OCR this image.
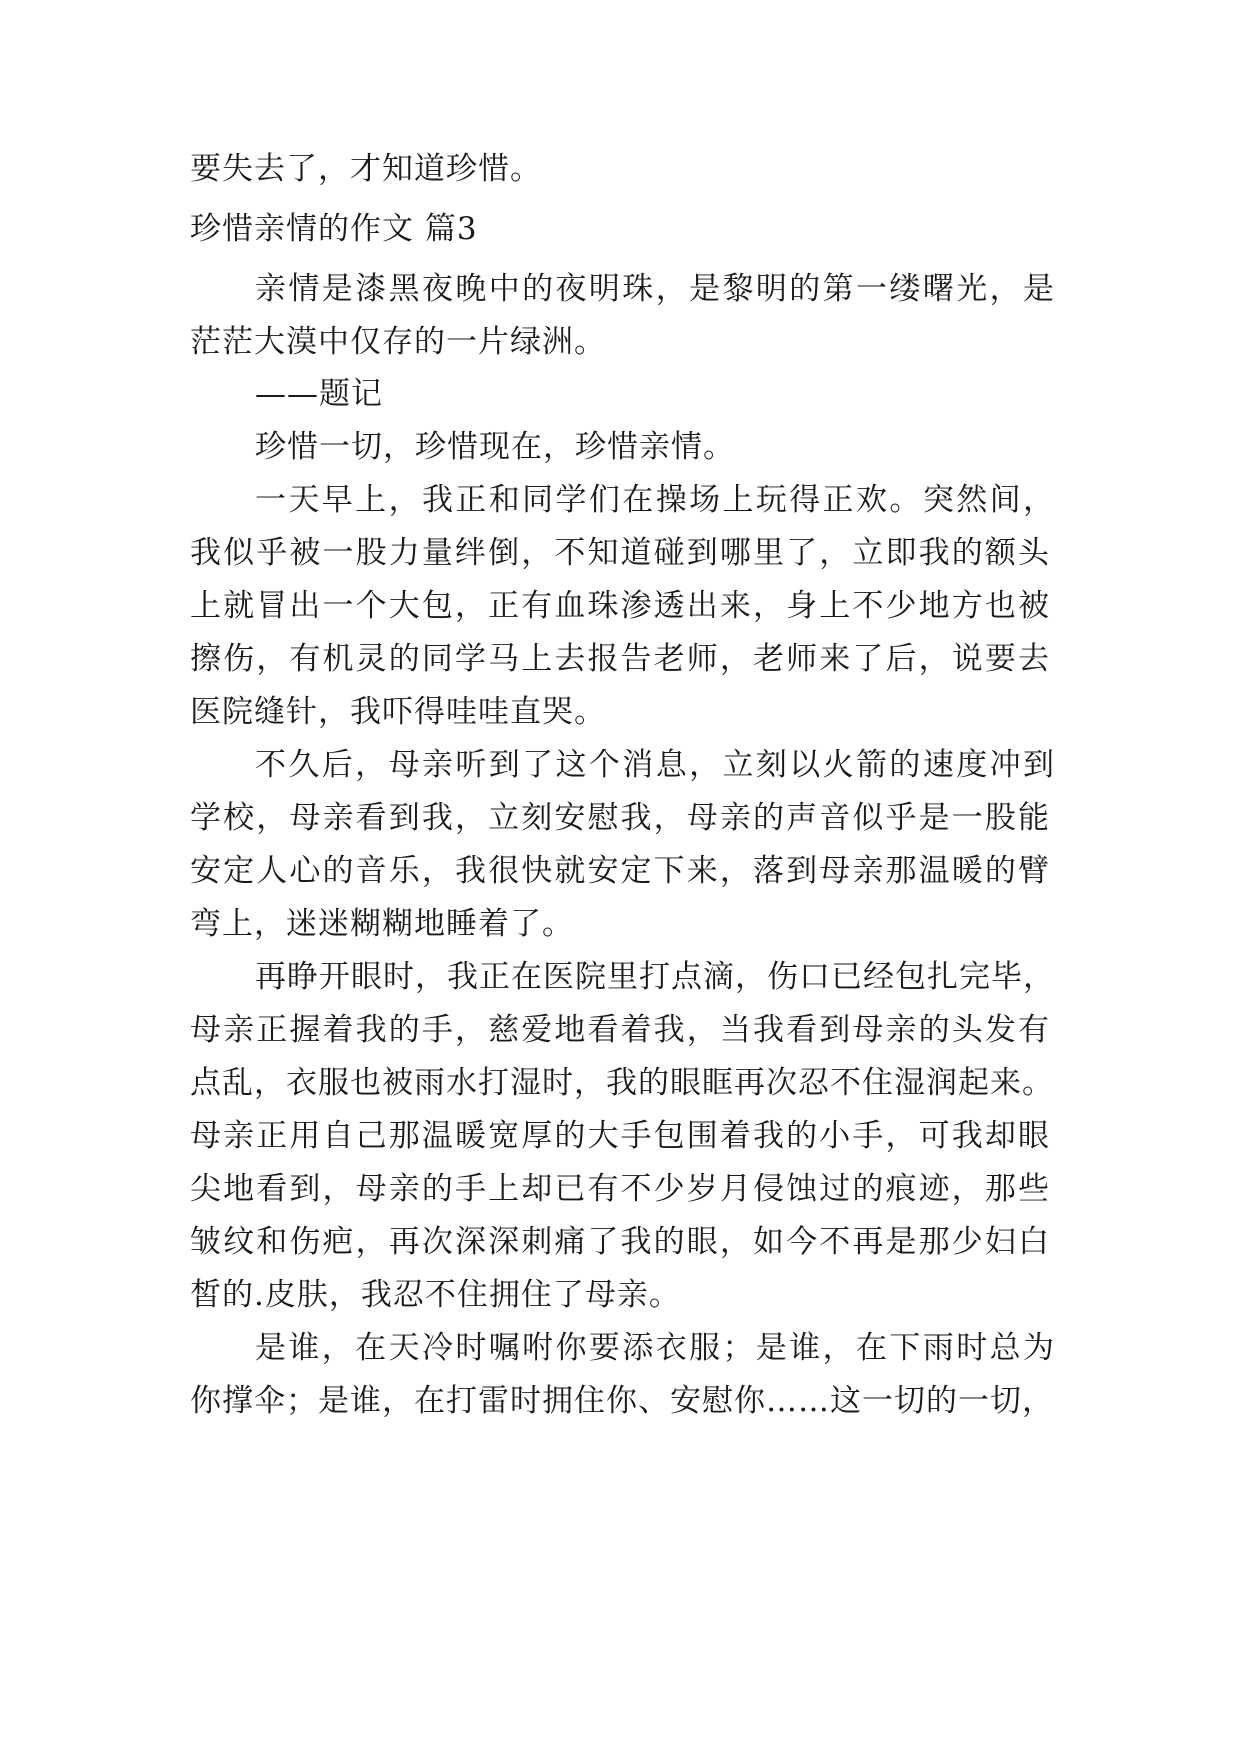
要失去了，才知道珍惜。
珍惜亲情的作文 篇3
亲情是漆黑夜晚中的夜明珠，是黎明的第一缕曙光，是
茫茫大漠中仅存的一片绿洲。
——题记
珍惜一切，珍惜现在，珍惜亲情。
一天早上，我正和同学们在操场上玩得正欢。突然间，
我似乎被一股力量绊倒，不知道碰到哪里了，立即我的额头
上就冒出一个大包，正有血珠渗透出来，身上不少地方也被
擦伤，有机灵的同学马上去报告老师，老师来了后，说要去
医院缝针，我吓得哇哇直哭。
不久后，母亲听到了这个消息，立刻以火箭的速度冲到
学校，母亲看到我，立刻安慰我，母亲的声音似乎是一股能
安定人心的音乐，我很快就安定下来，落到母亲那温暖的臂
弯上，迷迷糊糊地睡着了。
再睁开眼时，我正在医院里打点滴，伤口已经包扎完毕，
母亲正握着我的手，慈爱地看着我，当我看到母亲的头发有
点乱，衣服也被雨水打湿时，我的眼眶再次忍不住湿润起来。
母亲正用自己那温暖宽厚的大手包围着我的小手，可我却眼
尖地看到，母亲的手上却已有不少岁月侵蚀过的痕迹，那些
皱纹和伤疤，再次深深刺痛了我的眼，如今不再是那少妇白
皙的.皮肤，我忍不住拥住了母亲。
是谁，在天冷时嘱咐你要添衣服；是谁，在下雨时总为
你撑伞；是谁，在打雷时拥住你、安慰你……这一切的一切，
